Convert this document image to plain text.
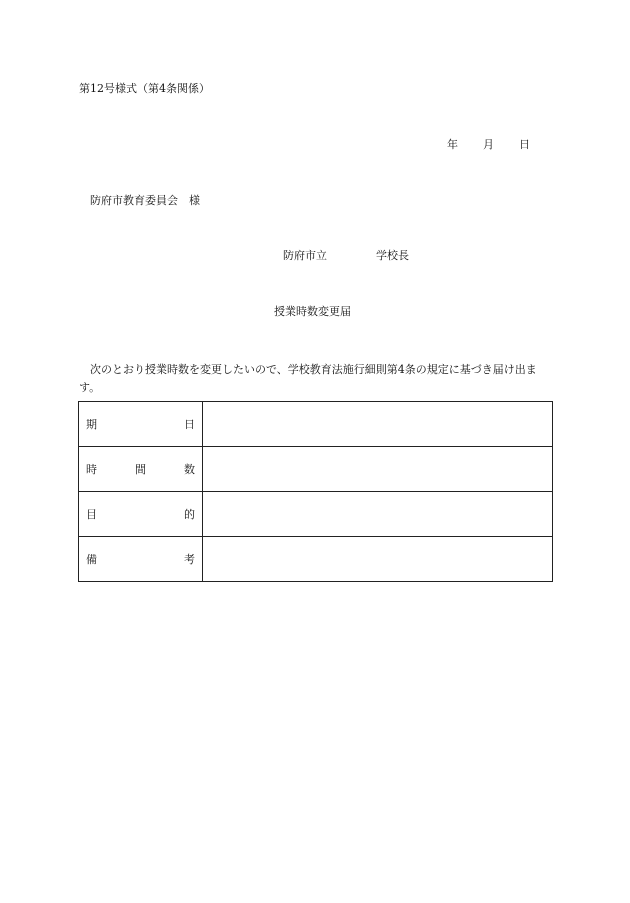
第12号様式（第4条関係）
年 月 日
防府市教育委員会　様
防府市立	学校長
授業時数変更届
次のとおり授業時数を変更したいので、学校教育法施行細則第4条の規定に基づき届け出ます。
期 日	

時 間 数	

目 的	

備 考	
